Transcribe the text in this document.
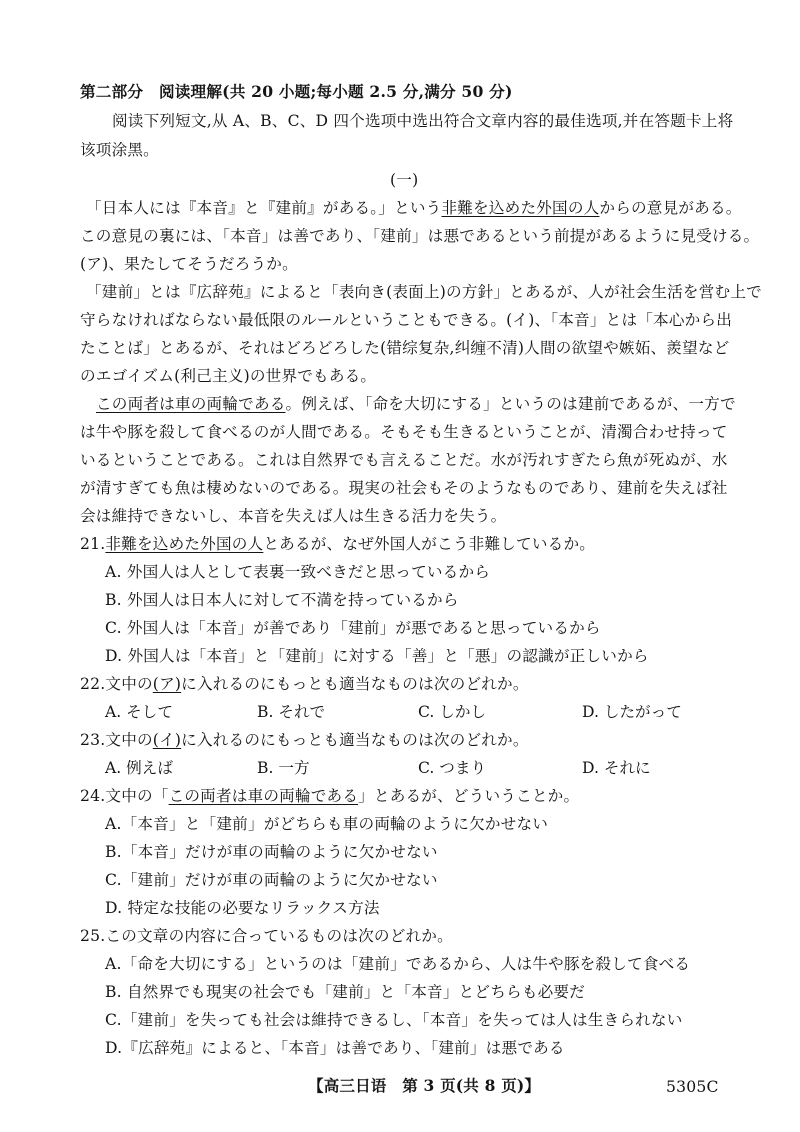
第二部分　阅读理解(共 20 小题;每小题 2.5 分,满分 50 分)
阅读下列短文,从 A、B、C、D 四个选项中选出符合文章内容的最佳选项,并在答题卡上将
该项涂黑。
(一)
「日本人には『本音』と『建前』がある。」という非難を込めた外国の人からの意見がある。
この意見の裏には、「本音」は善であり、「建前」は悪であるという前提があるように見受ける。
(ア)、果たしてそうだろうか。
「建前」とは『広辞苑』によると「表向き(表面上)の方針」とあるが、人が社会生活を営む上で
守らなければならない最低限のルールということもできる。(イ)、「本音」とは「本心から出
たことば」とあるが、それはどろどろした(错综复杂,纠缠不清)人間の欲望や嫉妬、羨望など
のエゴイズム(利己主义)の世界でもある。
この両者は車の両輪である。例えば、「命を大切にする」というのは建前であるが、一方で
は牛や豚を殺して食べるのが人間である。そもそも生きるということが、清濁合わせ持って
いるということである。これは自然界でも言えることだ。水が汚れすぎたら魚が死ぬが、水
が清すぎても魚は棲めないのである。現実の社会もそのようなものであり、建前を失えば社
会は維持できないし、本音を失えば人は生きる活力を失う。
21.非難を込めた外国の人とあるが、なぜ外国人がこう非難しているか。
A. 外国人は人として表裏一致べきだと思っているから
B. 外国人は日本人に対して不満を持っているから
C. 外国人は「本音」が善であり「建前」が悪であると思っているから
D. 外国人は「本音」と「建前」に対する「善」と「悪」の認識が正しいから
22.文中の(ア)に入れるのにもっとも適当なものは次のどれか。
A. そして	B. それで	C. しかし	D. したがって
23.文中の(イ)に入れるのにもっとも適当なものは次のどれか。
A. 例えば	B. 一方	C. つまり	D. それに
24.文中の「この両者は車の両輪である」とあるが、どういうことか。
A.「本音」と「建前」がどちらも車の両輪のように欠かせない
B.「本音」だけが車の両輪のように欠かせない
C.「建前」だけが車の両輪のように欠かせない
D. 特定な技能の必要なリラックス方法
25.この文章の内容に合っているものは次のどれか。
A.「命を大切にする」というのは「建前」であるから、人は牛や豚を殺して食べる
B. 自然界でも現実の社会でも「建前」と「本音」とどちらも必要だ
C.「建前」を失っても社会は維持できるし、「本音」を失っては人は生きられない
D.『広辞苑』によると、「本音」は善であり、「建前」は悪である
【高三日语　第 3 页(共 8 页)】	5305C
